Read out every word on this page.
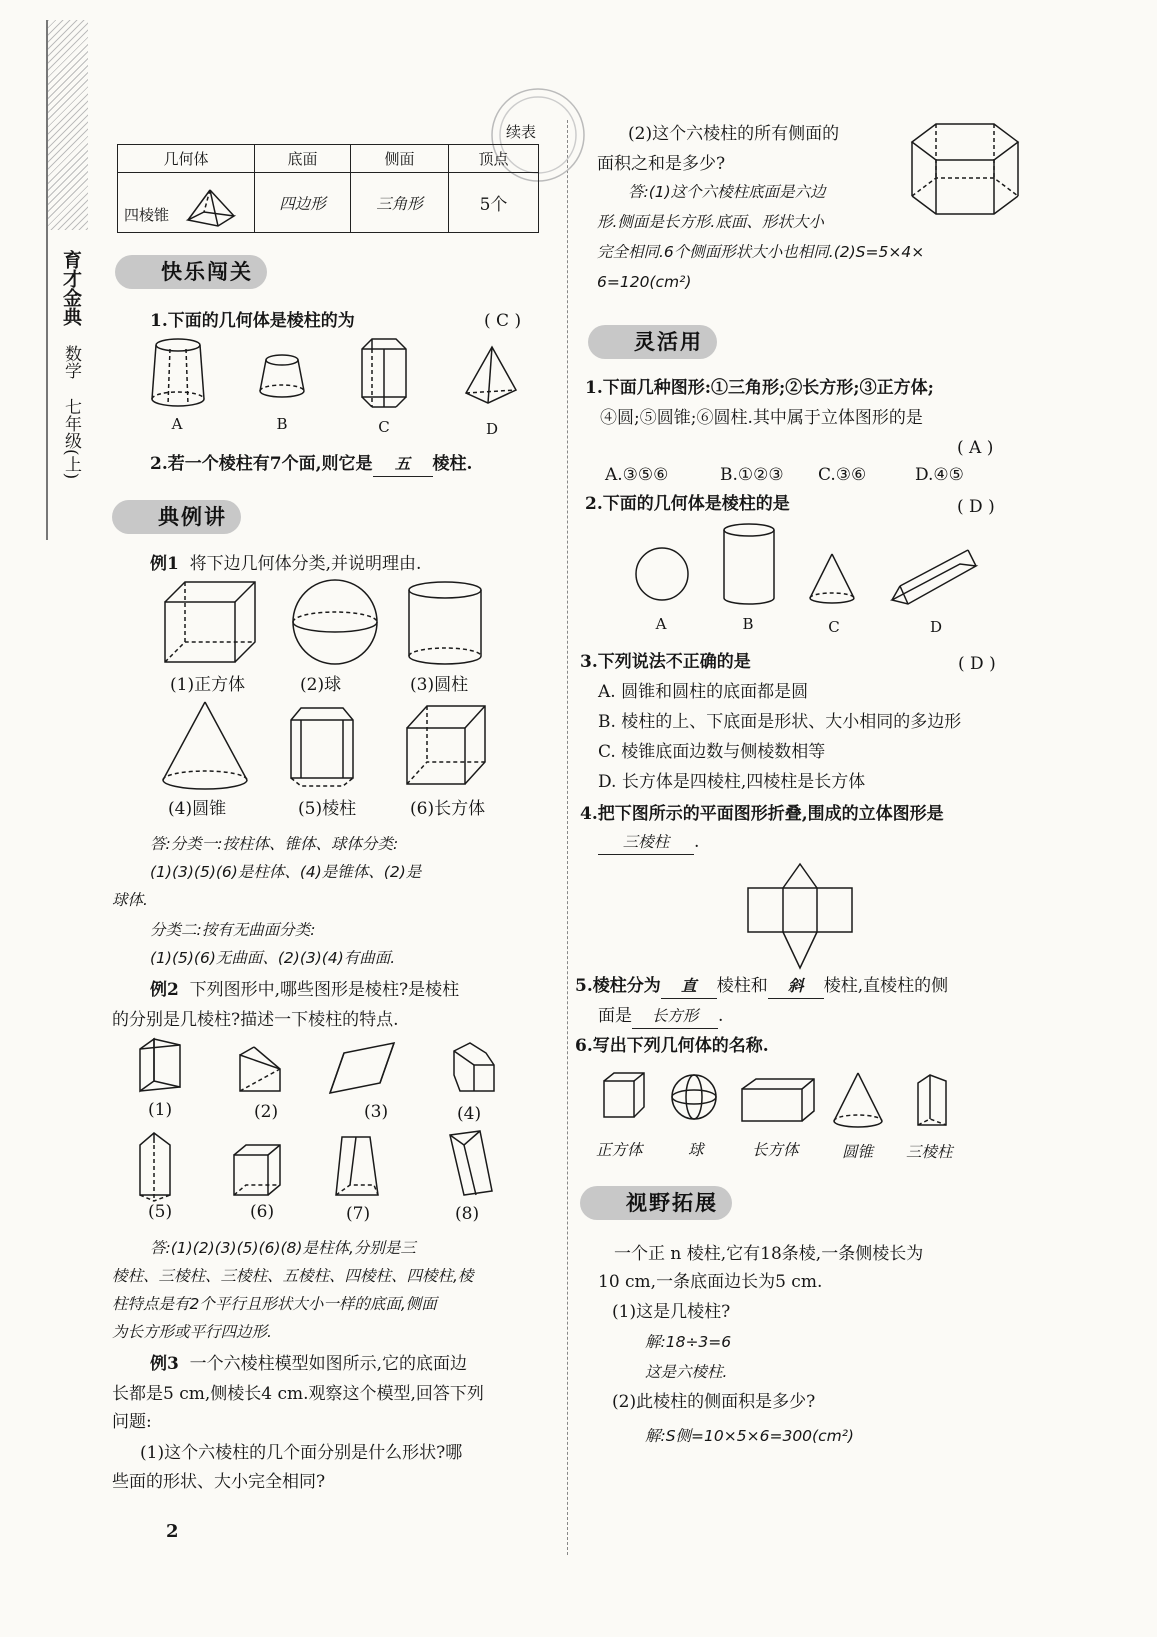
育才金典
数学
七年级(上)
续表
几何体	底面	侧面	顶点
四棱锥	四边形	三角形	5个
快乐闯关
1.下面的几何体是棱柱的为	( C )
A	B	C	D
2.若一个棱柱有7个面,则它是 五 棱柱.
典例讲
例1 将下边几何体分类,并说明理由.
(1)正方体	(2)球	(3)圆柱
(4)圆锥	(5)棱柱	(6)长方体
答:分类一:按柱体、锥体、球体分类:
(1)(3)(5)(6)是柱体、(4)是锥体、(2)是
球体.
分类二:按有无曲面分类:
(1)(5)(6)无曲面、(2)(3)(4)有曲面.
例2 下列图形中,哪些图形是棱柱?是棱柱
的分别是几棱柱?描述一下棱柱的特点.
(1)	(2)	(3)	(4)
(5)	(6)	(7)	(8)
答:(1)(2)(3)(5)(6)(8)是柱体,分别是三
棱柱、三棱柱、三棱柱、五棱柱、四棱柱、四棱柱,棱
柱特点是有2个平行且形状大小一样的底面,侧面
为长方形或平行四边形.
例3 一个六棱柱模型如图所示,它的底面边
长都是5 cm,侧棱长4 cm.观察这个模型,回答下列
问题:
(1)这个六棱柱的几个面分别是什么形状?哪
些面的形状、大小完全相同?
2
(2)这个六棱柱的所有侧面的
面积之和是多少?
答:(1)这个六棱柱底面是六边
形.侧面是长方形.底面、形状大小
完全相同.6个侧面形状大小也相同.(2)S=5×4×
6=120(cm²)
灵活用
1.下面几种图形:①三角形;②长方形;③正方体;
④圆;⑤圆锥;⑥圆柱.其中属于立体图形的是
( A )
A.③⑤⑥	B.①②③ C.③⑥	D.④⑤
2.下面的几何体是棱柱的是	( D )
A	B	C	D
3.下列说法不正确的是	( D )
A. 圆锥和圆柱的底面都是圆
B. 棱柱的上、下底面是形状、大小相同的多边形
C. 棱锥底面边数与侧棱数相等
D. 长方体是四棱柱,四棱柱是长方体
4.把下图所示的平面图形折叠,围成的立体图形是
三棱柱 .
5.棱柱分为 直 棱柱和 斜 棱柱,直棱柱的侧
面是 长方形 .
6.写出下列几何体的名称.
正方体	球	长方体	圆锥 三棱柱
视野拓展
一个正 n 棱柱,它有18条棱,一条侧棱长为
10 cm,一条底面边长为5 cm.
(1)这是几棱柱?
解:18÷3=6
这是六棱柱.
(2)此棱柱的侧面积是多少?
解:S侧=10×5×6=300(cm²)
